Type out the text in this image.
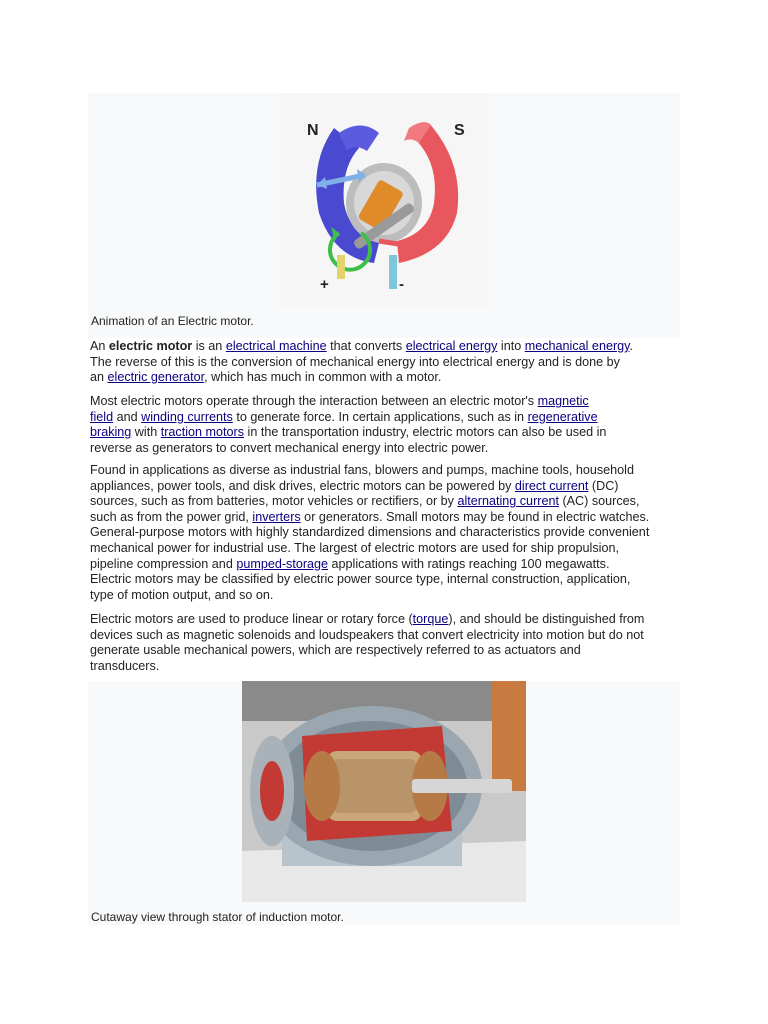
N	S
+	-
Animation of an Electric motor.
An electric motor is an electrical machine that converts electrical energy into mechanical energy.
The reverse of this is the conversion of mechanical energy into electrical energy and is done by
an electric generator, which has much in common with a motor.
Most electric motors operate through the interaction between an electric motor's magnetic
field and winding currents to generate force. In certain applications, such as in regenerative
braking with traction motors in the transportation industry, electric motors can also be used in
reverse as generators to convert mechanical energy into electric power.
Found in applications as diverse as industrial fans, blowers and pumps, machine tools, household
appliances, power tools, and disk drives, electric motors can be powered by direct current (DC)
sources, such as from batteries, motor vehicles or rectifiers, or by alternating current (AC) sources,
such as from the power grid, inverters or generators. Small motors may be found in electric watches.
General-purpose motors with highly standardized dimensions and characteristics provide convenient
mechanical power for industrial use. The largest of electric motors are used for ship propulsion,
pipeline compression and pumped-storage applications with ratings reaching 100 megawatts.
Electric motors may be classified by electric power source type, internal construction, application,
type of motion output, and so on.
Electric motors are used to produce linear or rotary force (torque), and should be distinguished from
devices such as magnetic solenoids and loudspeakers that convert electricity into motion but do not
generate usable mechanical powers, which are respectively referred to as actuators and
transducers.
Cutaway view through stator of induction motor.
